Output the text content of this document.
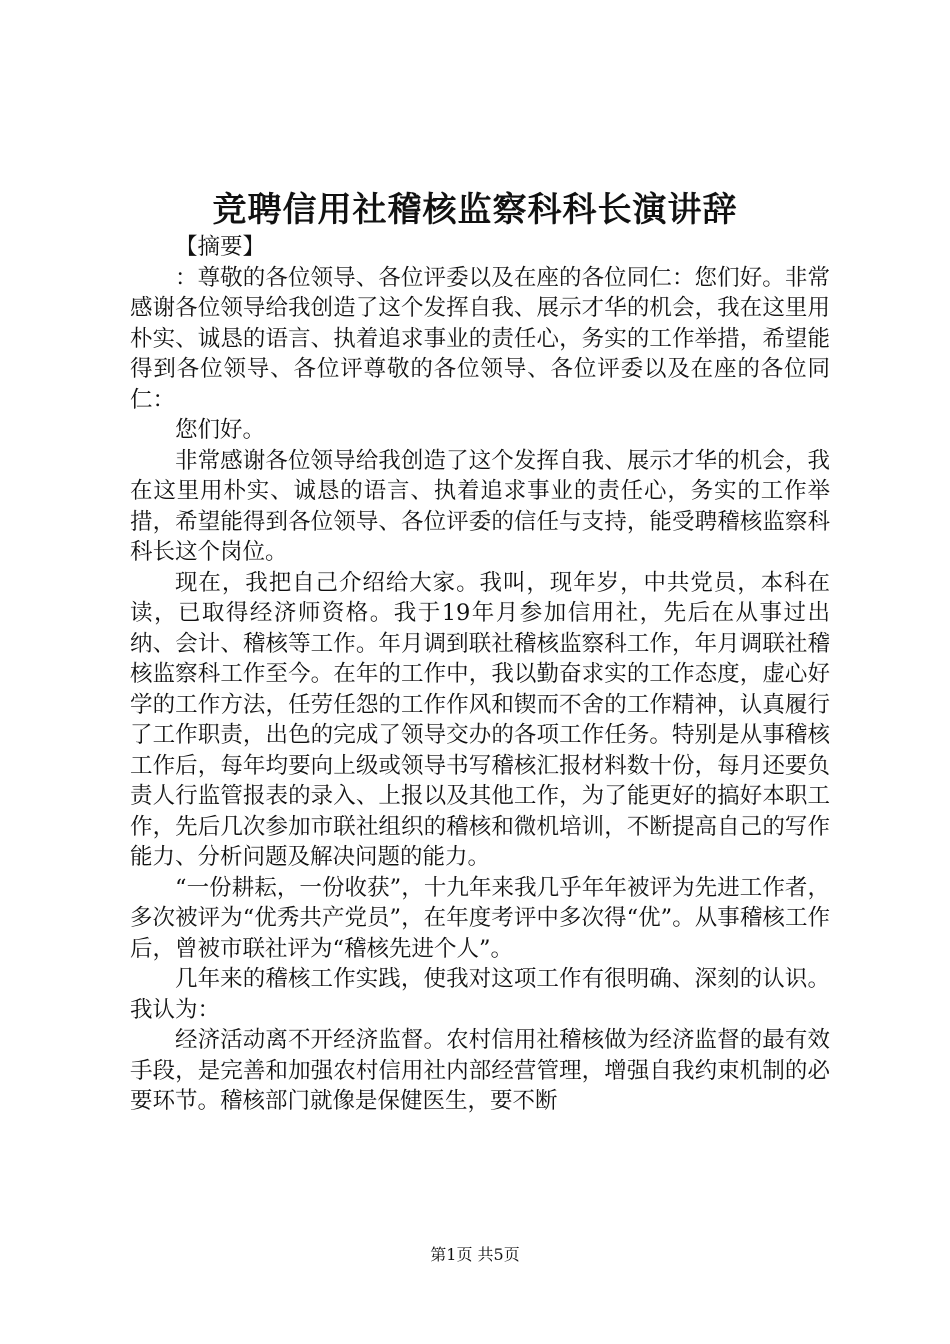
竞聘信用社稽核监察科科长演讲辞

【摘要】

：尊敬的各位领导、各位评委以及在座的各位同仁：您们好。非常感谢各位领导给我创造了这个发挥自我、展示才华的机会，我在这里用朴实、诚恳的语言、执着追求事业的责任心，务实的工作举措，希望能得到各位领导、各位评尊敬的各位领导、各位评委以及在座的各位同仁：

您们好。

非常感谢各位领导给我创造了这个发挥自我、展示才华的机会，我在这里用朴实、诚恳的语言、执着追求事业的责任心，务实的工作举措，希望能得到各位领导、各位评委的信任与支持，能受聘稽核监察科科长这个岗位。

现在，我把自己介绍给大家。我叫，现年岁，中共党员，本科在读，已取得经济师资格。我于19年月参加信用社，先后在从事过出纳、会计、稽核等工作。年月调到联社稽核监察科工作，年月调联社稽核监察科工作至今。在年的工作中，我以勤奋求实的工作态度，虚心好学的工作方法，任劳任怨的工作作风和锲而不舍的工作精神，认真履行了工作职责，出色的完成了领导交办的各项工作任务。特别是从事稽核工作后，每年均要向上级或领导书写稽核汇报材料数十份，每月还要负责人行监管报表的录入、上报以及其他工作，为了能更好的搞好本职工作，先后几次参加市联社组织的稽核和微机培训，不断提高自己的写作能力、分析问题及解决问题的能力。

“一份耕耘，一份收获”，十九年来我几乎年年被评为先进工作者，多次被评为“优秀共产党员”，在年度考评中多次得“优”。从事稽核工作后，曾被市联社评为“稽核先进个人”。

几年来的稽核工作实践，使我对这项工作有很明确、深刻的认识。我认为：

经济活动离不开经济监督。农村信用社稽核做为经济监督的最有效手段，是完善和加强农村信用社内部经营管理，增强自我约束机制的必要环节。稽核部门就像是保健医生，要不断

第1页 共5页
